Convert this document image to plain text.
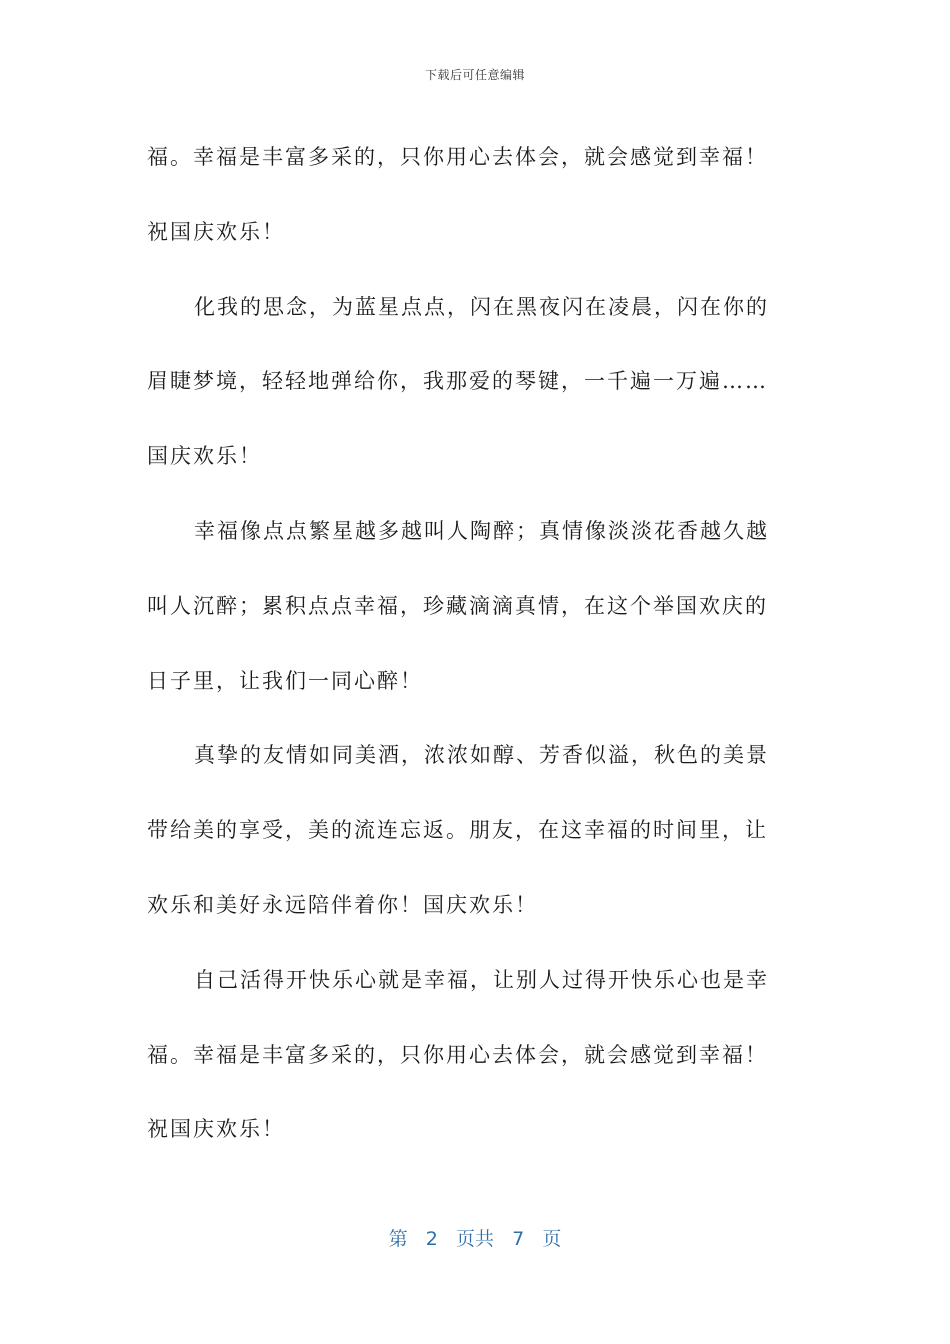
下载后可任意编辑

福。幸福是丰富多采的，只你用心去体会，就会感觉到幸福！

祝国庆欢乐！

化我的思念，为蓝星点点，闪在黑夜闪在凌晨，闪在你的

眉睫梦境，轻轻地弹给你，我那爱的琴键，一千遍一万遍……

国庆欢乐！

幸福像点点繁星越多越叫人陶醉；真情像淡淡花香越久越

叫人沉醉；累积点点幸福，珍藏滴滴真情，在这个举国欢庆的

日子里，让我们一同心醉！

真挚的友情如同美酒，浓浓如醇、芳香似溢，秋色的美景

带给美的享受，美的流连忘返。朋友，在这幸福的时间里，让

欢乐和美好永远陪伴着你！国庆欢乐！

自己活得开快乐心就是幸福，让别人过得开快乐心也是幸

福。幸福是丰富多采的，只你用心去体会，就会感觉到幸福！

祝国庆欢乐！

第 2 页共 7 页
